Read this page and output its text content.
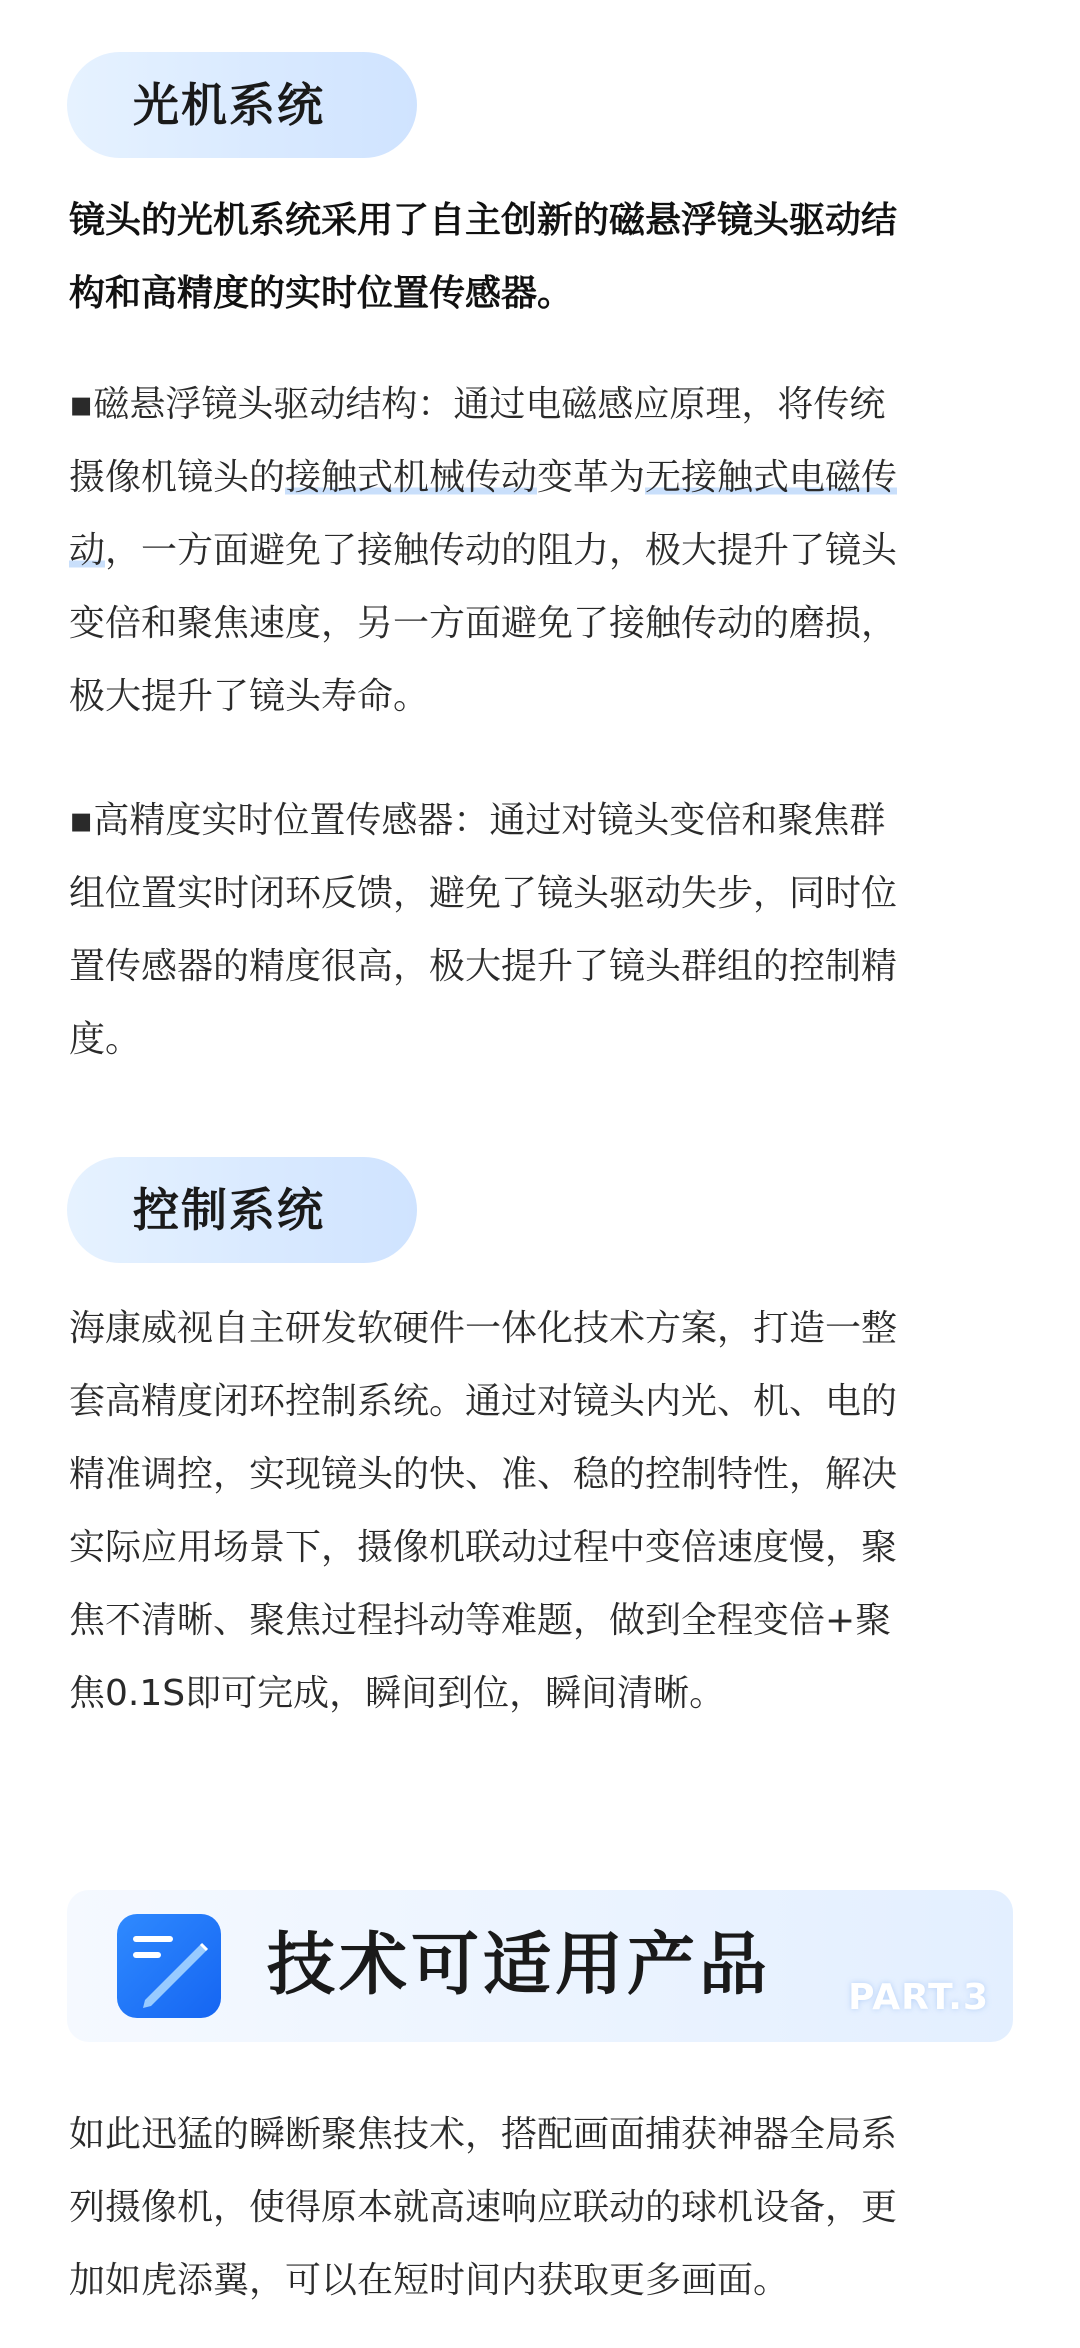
光机系统
镜头的光机系统采用了自主创新的磁悬浮镜头驱动结
构和高精度的实时位置传感器。
▪磁悬浮镜头驱动结构：通过电磁感应原理，将传统
摄像机镜头的接触式机械传动变革为无接触式电磁传
动，一方面避免了接触传动的阻力，极大提升了镜头
变倍和聚焦速度，另一方面避免了接触传动的磨损，
极大提升了镜头寿命。
▪高精度实时位置传感器：通过对镜头变倍和聚焦群
组位置实时闭环反馈，避免了镜头驱动失步，同时位
置传感器的精度很高，极大提升了镜头群组的控制精
度。
控制系统
海康威视自主研发软硬件一体化技术方案，打造一整
套高精度闭环控制系统。通过对镜头内光、机、电的
精准调控，实现镜头的快、准、稳的控制特性，解决
实际应用场景下，摄像机联动过程中变倍速度慢，聚
焦不清晰、聚焦过程抖动等难题，做到全程变倍+聚
焦0.1S即可完成，瞬间到位，瞬间清晰。
技术可适用产品 PART.3
如此迅猛的瞬断聚焦技术，搭配画面捕获神器全局系
列摄像机，使得原本就高速响应联动的球机设备，更
加如虎添翼，可以在短时间内获取更多画面。
